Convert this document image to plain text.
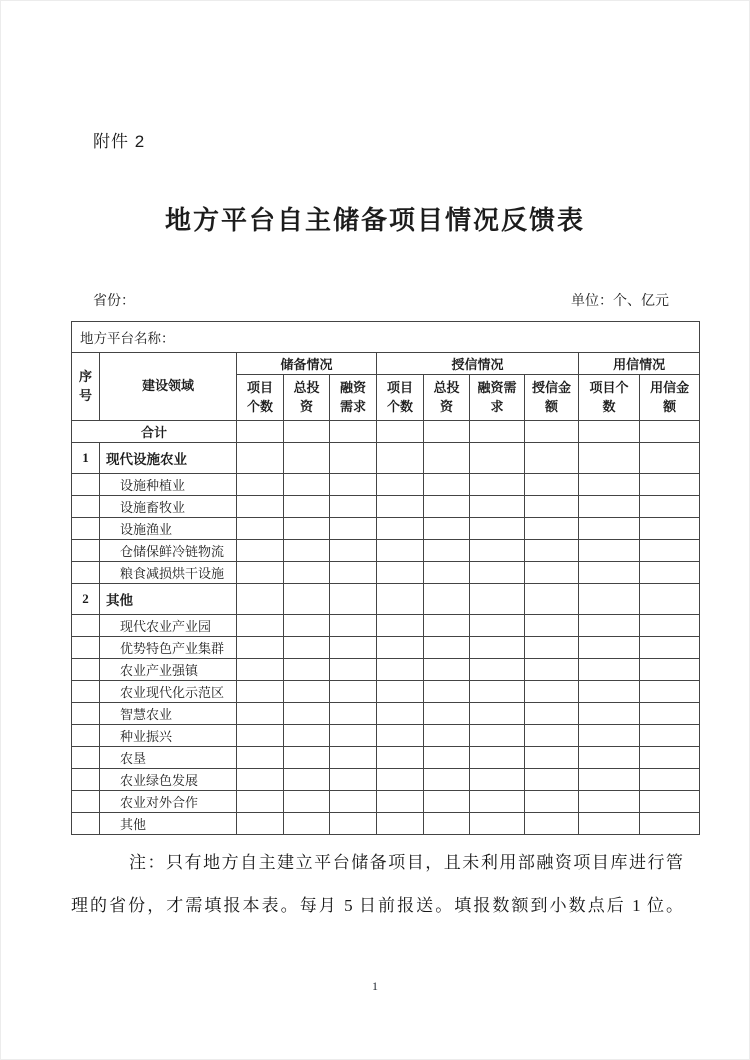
附件 2
地方平台自主储备项目情况反馈表
省份：	单位：个、亿元
地方平台名称：										
序号	建设领域	储备情况			授信情况				用信情况	
		项目个数	总投资	融资需求	项目个数	总投资	融资需求	授信金额	项目个数	用信金额
合计										
1	现代设施农业									
	设施种植业									
	设施畜牧业									
	设施渔业									
	仓储保鲜冷链物流									
	粮食减损烘干设施									
2	其他									
	现代农业产业园									
	优势特色产业集群									
	农业产业强镇									
	农业现代化示范区									
	智慧农业									
	种业振兴									
	农垦									
	农业绿色发展									
	农业对外合作									
	其他									
注：只有地方自主建立平台储备项目，且未利用部融资项目库进行管
理的省份，才需填报本表。每月 5 日前报送。填报数额到小数点后 1 位。
1
